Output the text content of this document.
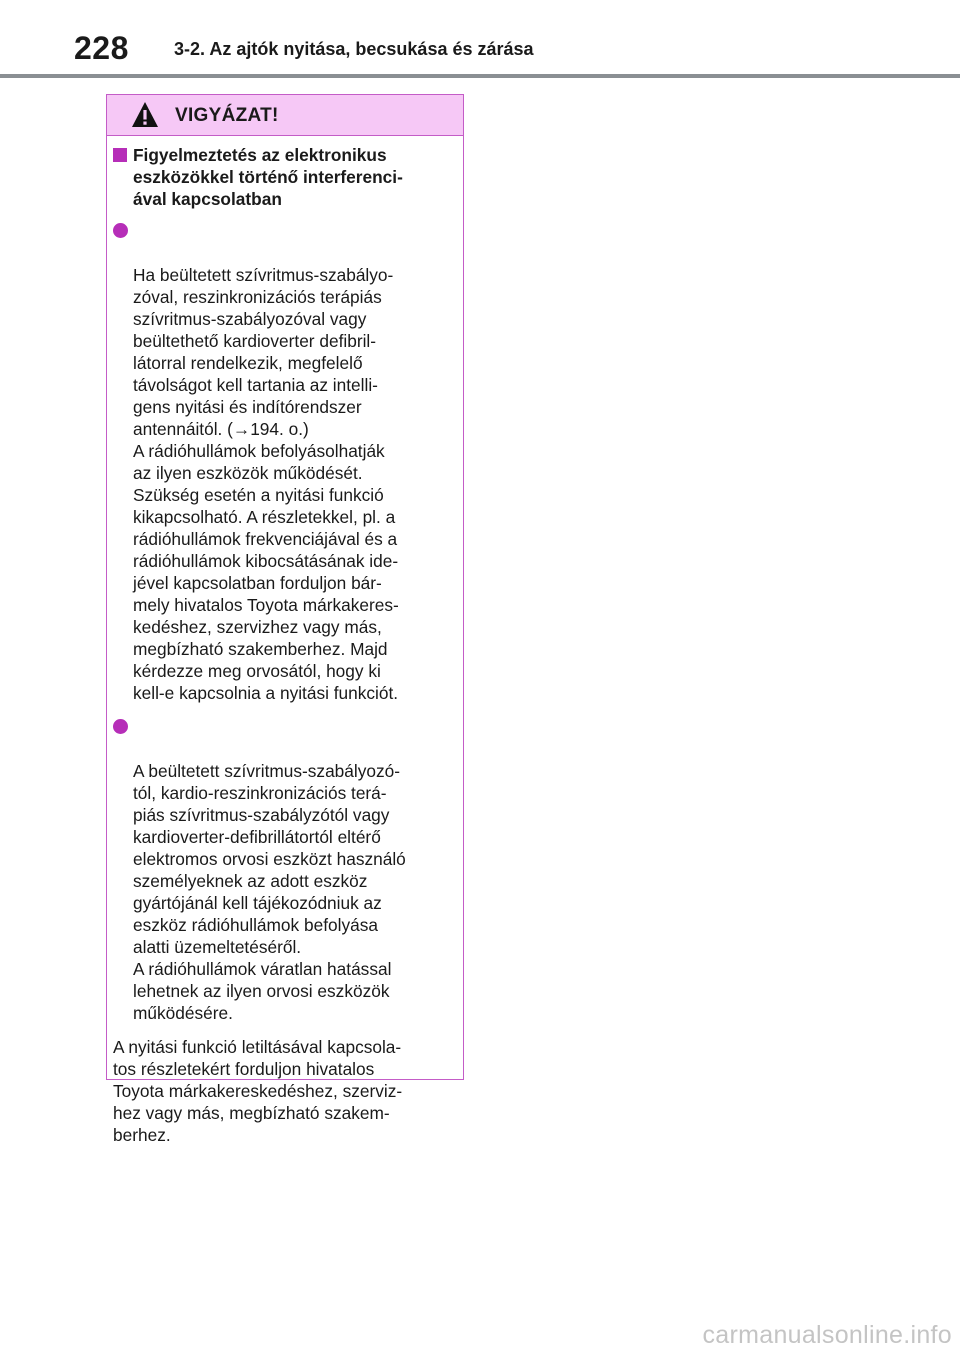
228	3-2. Az ajtók nyitása, becsukása és zárása
VIGYÁZAT!
Figyelmeztetés az elektronikus
eszközökkel történő interferenci-
ával kapcsolatban

Ha beültetett szívritmus-szabályo-
zóval, reszinkronizációs terápiás
szívritmus-szabályozóval vagy
beültethető kardioverter defibril-
látorral rendelkezik, megfelelő
távolságot kell tartania az intelli-
gens nyitási és indítórendszer
antennáitól. (→194. o.)
A rádióhullámok befolyásolhatják
az ilyen eszközök működését.
Szükség esetén a nyitási funkció
kikapcsolható. A részletekkel, pl. a
rádióhullámok frekvenciájával és a
rádióhullámok kibocsátásának ide-
jével kapcsolatban forduljon bár-
mely hivatalos Toyota márkakeres-
kedéshez, szervizhez vagy más,
megbízható szakemberhez. Majd
kérdezze meg orvosától, hogy ki
kell-e kapcsolnia a nyitási funkciót.

A beültetett szívritmus-szabályozó-
tól, kardio-reszinkronizációs terá-
piás szívritmus-szabályzótól vagy
kardioverter-defibrillátortól eltérő
elektromos orvosi eszközt használó
személyeknek az adott eszköz
gyártójánál kell tájékozódniuk az
eszköz rádióhullámok befolyása
alatti üzemeltetéséről.
A rádióhullámok váratlan hatással
lehetnek az ilyen orvosi eszközök
működésére.

A nyitási funkció letiltásával kapcsola-
tos részletekért forduljon hivatalos
Toyota márkakereskedéshez, szerviz-
hez vagy más, megbízható szakem-
berhez.
carmanualsonline.info
